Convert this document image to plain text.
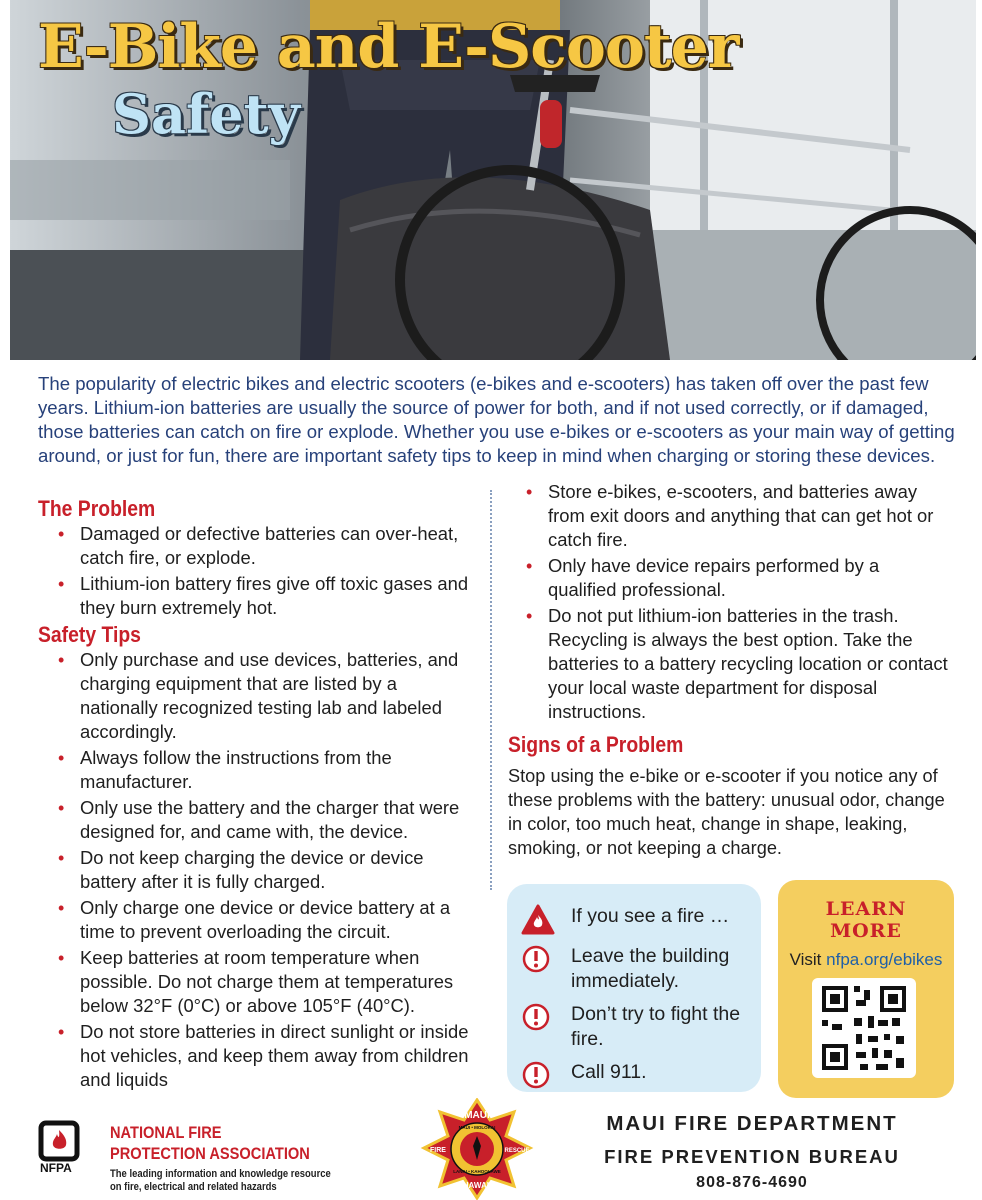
E-Bike and E-Scooter
Safety

The popularity of electric bikes and electric scooters (e-bikes and e-scooters) has taken off over the past few years. Lithium-ion batteries are usually the source of power for both, and if not used correctly, or if damaged, those batteries can catch on fire or explode. Whether you use e-bikes or e-scooters as your main way of getting around, or just for fun, there are important safety tips to keep in mind when charging or storing these devices.

The Problem
• Damaged or defective batteries can over-heat, catch fire, or explode.
• Lithium-ion battery fires give off toxic gases and they burn extremely hot.
Safety Tips
• Only purchase and use devices, batteries, and charging equipment that are listed by a nationally recognized testing lab and labeled accordingly.
• Always follow the instructions from the manufacturer.
• Only use the battery and the charger that were designed for, and came with, the device.
• Do not keep charging the device or device battery after it is fully charged.
• Only charge one device or device battery at a time to prevent overloading the circuit.
• Keep batteries at room temperature when possible. Do not charge them at temperatures below 32°F (0°C) or above 105°F (40°C).
• Do not store batteries in direct sunlight or inside hot vehicles, and keep them away from children and liquids
• Store e-bikes, e-scooters, and batteries away from exit doors and anything that can get hot or catch fire.
• Only have device repairs performed by a qualified professional.
• Do not put lithium-ion batteries in the trash. Recycling is always the best option. Take the batteries to a battery recycling location or contact your local waste department for disposal instructions.
Signs of a Problem

Stop using the e-bike or e-scooter if you notice any of these problems with the battery: unusual odor, change in color, too much heat, change in shape, leaking, smoking, or not keeping a charge.

If you see a fire …
Leave the building immediately.
Don’t try to fight the fire.
Call 911.
LEARN
MORE
Visit nfpa.org/ebikes
NFPA
NATIONAL FIRE
PROTECTION ASSOCIATION
The leading information and knowledge resource
on fire, electrical and related hazards
MAUI
HAWAII
FIRE	RESCUE
MAUI • MOLOKAI
LANAI • KAHOOLAWE
MAUI FIRE DEPARTMENT
FIRE PREVENTION BUREAU
808-876-4690
